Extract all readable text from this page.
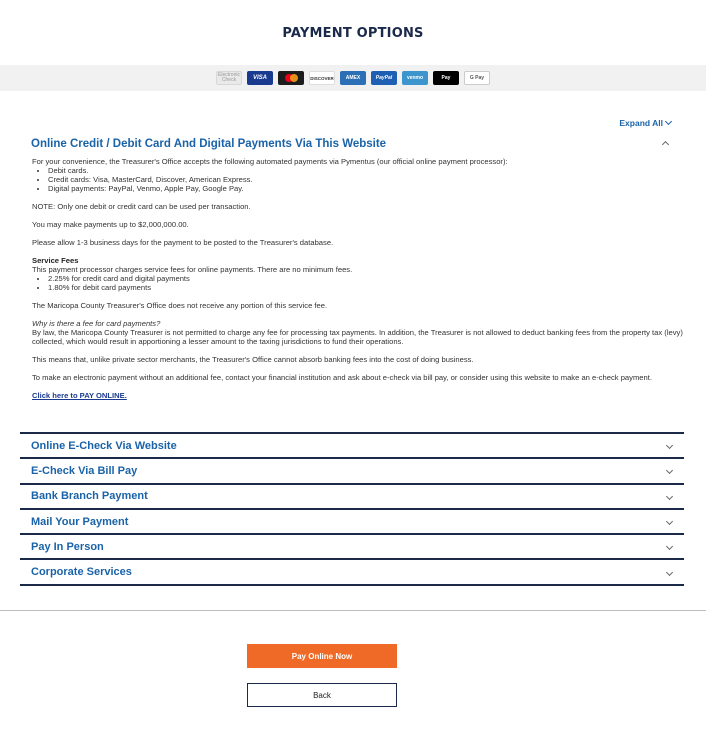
PAYMENT OPTIONS
Electronic Check	VISA	DISCOVER	AMEX	PayPal	venmo	Pay	G Pay
Expand All
Online Credit / Debit Card And Digital Payments Via This Website

For your convenience, the Treasurer's Office accepts the following automated payments via Pymentus (our official online payment processor):

• Debit cards.
• Credit cards: Visa, MasterCard, Discover, American Express.
• Digital payments: PayPal, Venmo, Apple Pay, Google Pay.

NOTE: Only one debit or credit card can be used per transaction.

You may make payments up to $2,000,000.00.

Please allow 1-3 business days for the payment to be posted to the Treasurer's database.

Service Fees

This payment processor charges service fees for online payments. There are no minimum fees.

• 2.25% for credit card and digital payments
• 1.80% for debit card payments

The Maricopa County Treasurer's Office does not receive any portion of this service fee.

Why is there a fee for card payments?

By law, the Maricopa County Treasurer is not permitted to charge any fee for processing tax payments. In addition, the Treasurer is not allowed to deduct banking fees from the property tax (levy) collected, which would result in apportioning a lesser amount to the taxing jurisdictions to fund their operations.

This means that, unlike private sector merchants, the Treasurer's Office cannot absorb banking fees into the cost of doing business.

To make an electronic payment without an additional fee, contact your financial institution and ask about e-check via bill pay, or consider using this website to make an e-check payment.

Click here to PAY ONLINE.

Online E-Check Via Website
E-Check Via Bill Pay
Bank Branch Payment
Mail Your Payment
Pay In Person
Corporate Services
Pay Online Now
Back
